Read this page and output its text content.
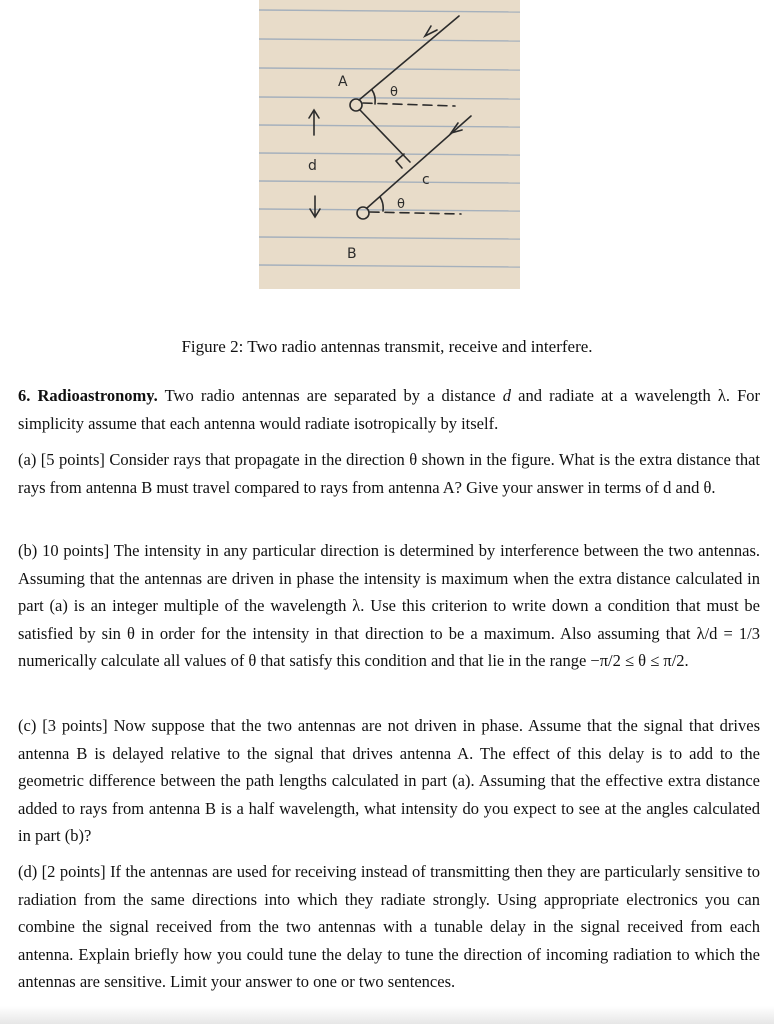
A
B
d
c
θ
θ
Figure 2: Two radio antennas transmit, receive and interfere.
6. Radioastronomy. Two radio antennas are separated by a distance d and radiate at a wavelength λ. For simplicity assume that each antenna would radiate isotropically by itself.
(a) [5 points] Consider rays that propagate in the direction θ shown in the figure. What is the extra distance that rays from antenna B must travel compared to rays from antenna A? Give your answer in terms of d and θ.
(b) 10 points] The intensity in any particular direction is determined by interference between the two antennas. Assuming that the antennas are driven in phase the intensity is maximum when the extra distance calculated in part (a) is an integer multiple of the wavelength λ. Use this criterion to write down a condition that must be satisfied by sin θ in order for the intensity in that direction to be a maximum. Also assuming that λ/d = 1/3 numerically calculate all values of θ that satisfy this condition and that lie in the range −π/2 ≤ θ ≤ π/2.
(c) [3 points] Now suppose that the two antennas are not driven in phase. Assume that the signal that drives antenna B is delayed relative to the signal that drives antenna A. The effect of this delay is to add to the geometric difference between the path lengths calculated in part (a). Assuming that the effective extra distance added to rays from antenna B is a half wavelength, what intensity do you expect to see at the angles calculated in part (b)?
(d) [2 points] If the antennas are used for receiving instead of transmitting then they are particularly sensitive to radiation from the same directions into which they radiate strongly. Using appropriate electronics you can combine the signal received from the two antennas with a tunable delay in the signal received from each antenna. Explain briefly how you could tune the delay to tune the direction of incoming radiation to which the antennas are sensitive. Limit your answer to one or two sentences.
